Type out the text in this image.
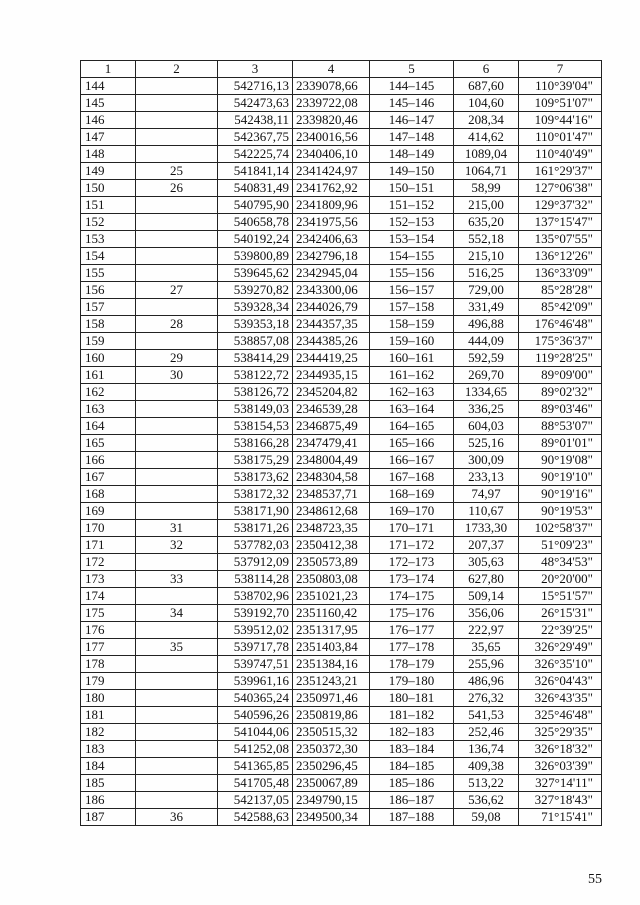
1	2	3	4	5	6	7
144		542716,13	2339078,66	144–145	687,60	110°39'04"
145		542473,63	2339722,08	145–146	104,60	109°51'07"
146		542438,11	2339820,46	146–147	208,34	109°44'16"
147		542367,75	2340016,56	147–148	414,62	110°01'47"
148		542225,74	2340406,10	148–149	1089,04	110°40'49"
149	25	541841,14	2341424,97	149–150	1064,71	161°29'37"
150	26	540831,49	2341762,92	150–151	58,99	127°06'38"
151		540795,90	2341809,96	151–152	215,00	129°37'32"
152		540658,78	2341975,56	152–153	635,20	137°15'47"
153		540192,24	2342406,63	153–154	552,18	135°07'55"
154		539800,89	2342796,18	154–155	215,10	136°12'26"
155		539645,62	2342945,04	155–156	516,25	136°33'09"
156	27	539270,82	2343300,06	156–157	729,00	85°28'28"
157		539328,34	2344026,79	157–158	331,49	85°42'09"
158	28	539353,18	2344357,35	158–159	496,88	176°46'48"
159		538857,08	2344385,26	159–160	444,09	175°36'37"
160	29	538414,29	2344419,25	160–161	592,59	119°28'25"
161	30	538122,72	2344935,15	161–162	269,70	89°09'00"
162		538126,72	2345204,82	162–163	1334,65	89°02'32"
163		538149,03	2346539,28	163–164	336,25	89°03'46"
164		538154,53	2346875,49	164–165	604,03	88°53'07"
165		538166,28	2347479,41	165–166	525,16	89°01'01"
166		538175,29	2348004,49	166–167	300,09	90°19'08"
167		538173,62	2348304,58	167–168	233,13	90°19'10"
168		538172,32	2348537,71	168–169	74,97	90°19'16"
169		538171,90	2348612,68	169–170	110,67	90°19'53"
170	31	538171,26	2348723,35	170–171	1733,30	102°58'37"
171	32	537782,03	2350412,38	171–172	207,37	51°09'23"
172		537912,09	2350573,89	172–173	305,63	48°34'53"
173	33	538114,28	2350803,08	173–174	627,80	20°20'00"
174		538702,96	2351021,23	174–175	509,14	15°51'57"
175	34	539192,70	2351160,42	175–176	356,06	26°15'31"
176		539512,02	2351317,95	176–177	222,97	22°39'25"
177	35	539717,78	2351403,84	177–178	35,65	326°29'49"
178		539747,51	2351384,16	178–179	255,96	326°35'10"
179		539961,16	2351243,21	179–180	486,96	326°04'43"
180		540365,24	2350971,46	180–181	276,32	326°43'35"
181		540596,26	2350819,86	181–182	541,53	325°46'48"
182		541044,06	2350515,32	182–183	252,46	325°29'35"
183		541252,08	2350372,30	183–184	136,74	326°18'32"
184		541365,85	2350296,45	184–185	409,38	326°03'39"
185		541705,48	2350067,89	185–186	513,22	327°14'11"
186		542137,05	2349790,15	186–187	536,62	327°18'43"
187	36	542588,63	2349500,34	187–188	59,08	71°15'41"
55
